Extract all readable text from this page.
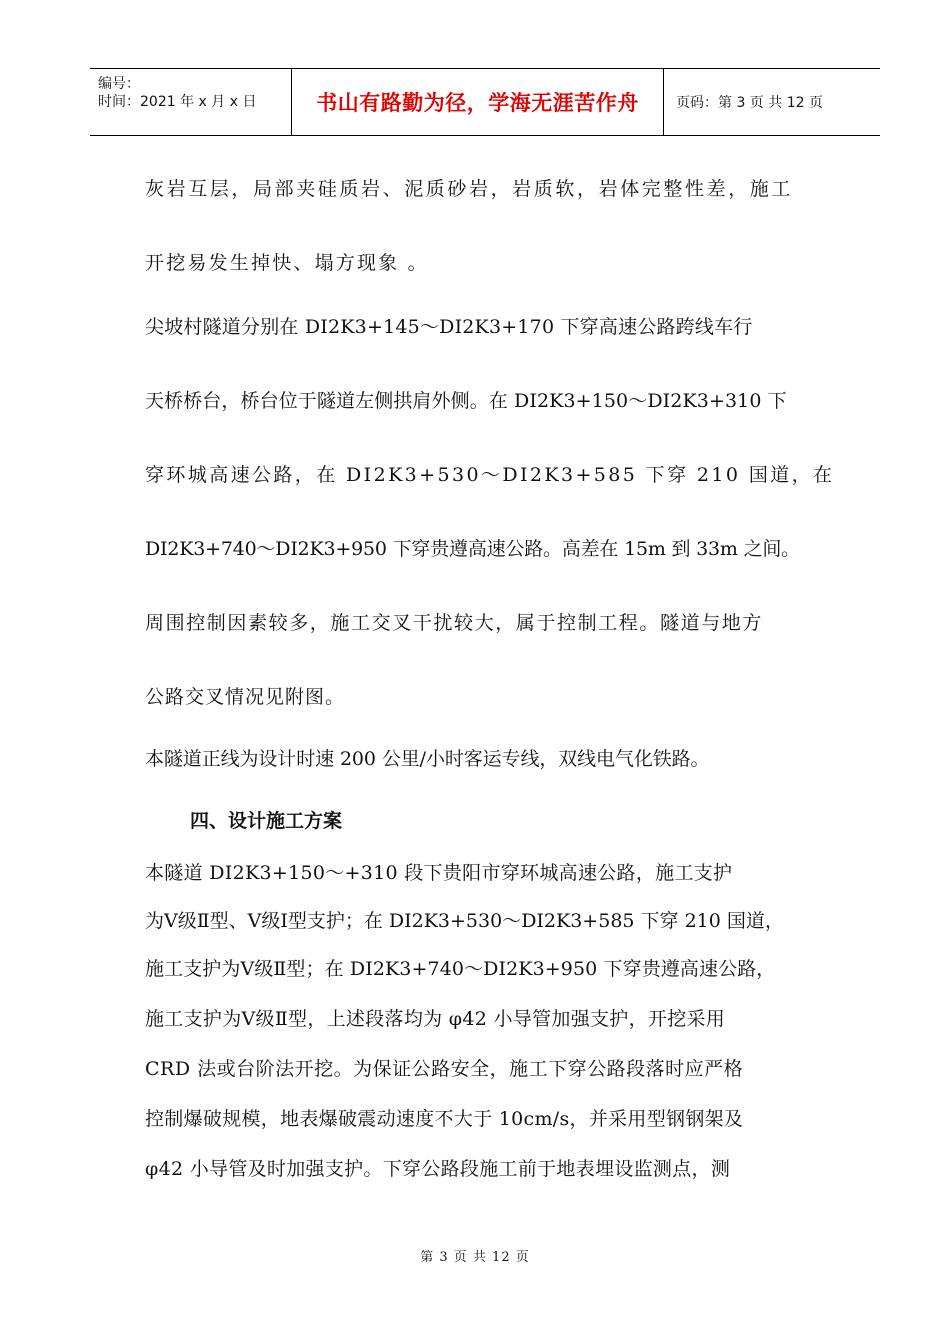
编号：
时间：2021 年 x 月 x 日	书山有路勤为径，学海无涯苦作舟	页码：第 3 页 共 12 页
灰岩互层，局部夹硅质岩、泥质砂岩，岩质软，岩体完整性差，施工
开挖易发生掉快、塌方现象 。
尖坡村隧道分别在 DI2K3+145～DI2K3+170 下穿高速公路跨线车行
天桥桥台，桥台位于隧道左侧拱肩外侧。在 DI2K3+150～DI2K3+310 下
穿环城高速公路，在 DI2K3+530～DI2K3+585 下穿 210 国道，在
DI2K3+740～DI2K3+950 下穿贵遵高速公路。高差在 15m 到 33m 之间。
周围控制因素较多，施工交叉干扰较大，属于控制工程。隧道与地方
公路交叉情况见附图。
本隧道正线为设计时速 200 公里/小时客运专线，双线电气化铁路。
四、设计施工方案
本隧道 DI2K3+150～+310 段下贵阳市穿环城高速公路，施工支护
为Ⅴ级Ⅱ型、Ⅴ级Ⅰ型支护；在 DI2K3+530～DI2K3+585 下穿 210 国道，
施工支护为Ⅴ级Ⅱ型；在 DI2K3+740～DI2K3+950 下穿贵遵高速公路，
施工支护为Ⅴ级Ⅱ型，上述段落均为 φ42 小导管加强支护，开挖采用
CRD 法或台阶法开挖。为保证公路安全，施工下穿公路段落时应严格
控制爆破规模，地表爆破震动速度不大于 10cm/s，并采用型钢钢架及
φ42 小导管及时加强支护。下穿公路段施工前于地表埋设监测点，测
第 3 页 共 12 页
